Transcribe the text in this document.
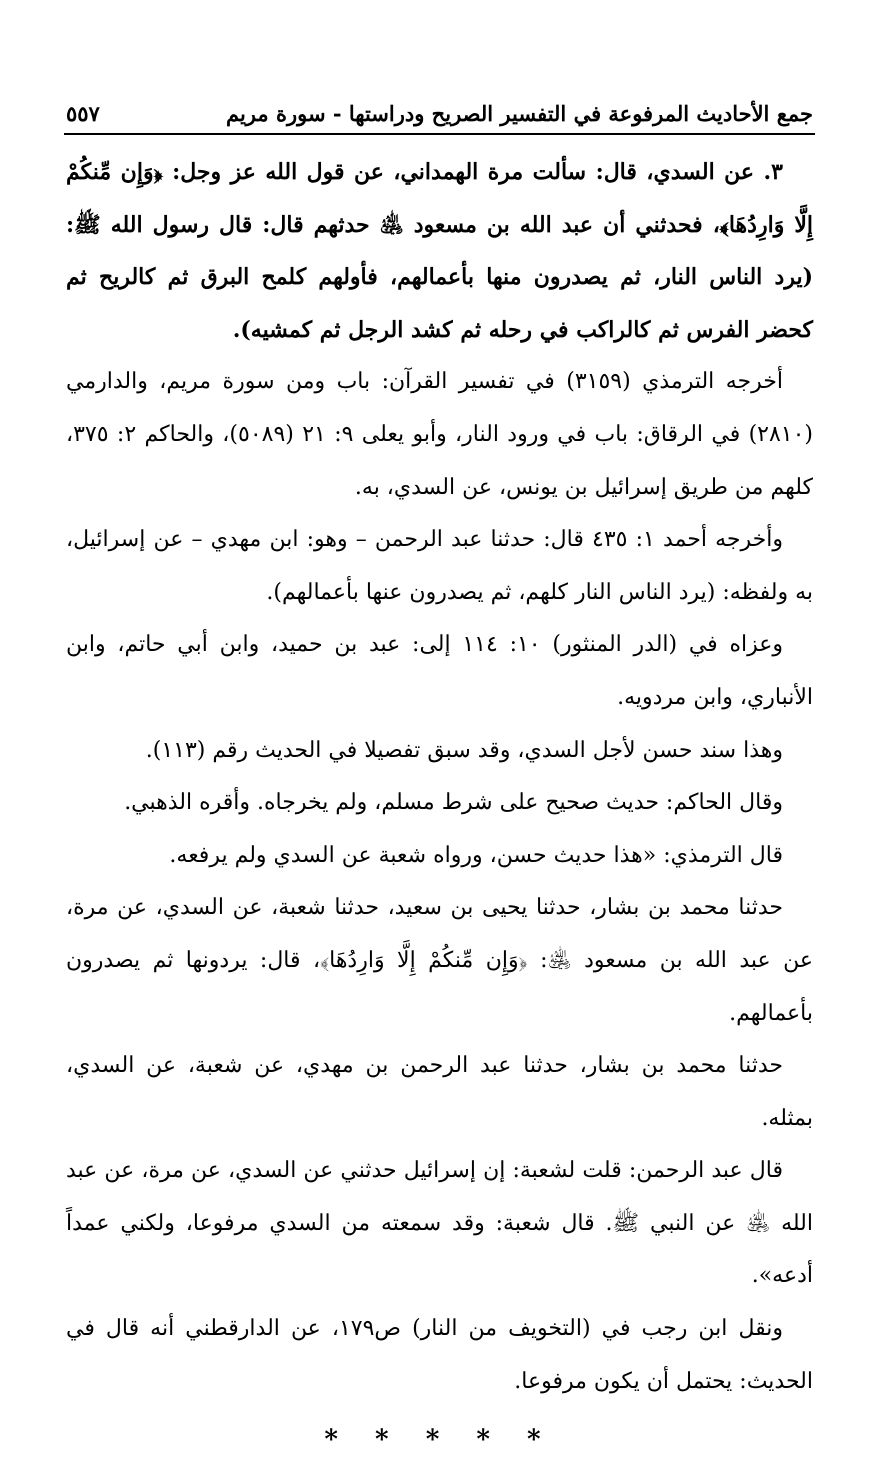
جمع الأحاديث المرفوعة في التفسير الصريح ودراستها - سورة مريم
٥٥٧

٣. عن السدي، قال: سألت مرة الهمداني، عن قول الله عز وجل: ﴿وَإِن مِّنكُمْ إِلَّا وَارِدُهَا﴾، فحدثني أن عبد الله بن مسعود ﵁ حدثهم قال: قال رسول الله ﷺ: (يرد الناس النار، ثم يصدرون منها بأعمالهم، فأولهم كلمح البرق ثم كالريح ثم كحضر الفرس ثم كالراكب في رحله ثم كشد الرجل ثم كمشيه).

أخرجه الترمذي (٣١٥٩) في تفسير القرآن: باب ومن سورة مريم، والدارمي (٢٨١٠) في الرقاق: باب في ورود النار، وأبو يعلى ٩: ٢١ (٥٠٨٩)، والحاكم ٢: ٣٧٥، كلهم من طريق إسرائيل بن يونس، عن السدي، به.

وأخرجه أحمد ١: ٤٣٥ قال: حدثنا عبد الرحمن – وهو: ابن مهدي – عن إسرائيل، به ولفظه: (يرد الناس النار كلهم، ثم يصدرون عنها بأعمالهم).

وعزاه في (الدر المنثور) ١٠: ١١٤ إلى: عبد بن حميد، وابن أبي حاتم، وابن الأنباري، وابن مردويه.

وهذا سند حسن لأجل السدي، وقد سبق تفصيلا في الحديث رقم (١١٣).

وقال الحاكم: حديث صحيح على شرط مسلم، ولم يخرجاه. وأقره الذهبي.

قال الترمذي: «هذا حديث حسن، ورواه شعبة عن السدي ولم يرفعه.

حدثنا محمد بن بشار، حدثنا يحيى بن سعيد، حدثنا شعبة، عن السدي، عن مرة، عن عبد الله بن مسعود ﵁: ﴿وَإِن مِّنكُمْ إِلَّا وَارِدُهَا﴾، قال: يردونها ثم يصدرون بأعمالهم.

حدثنا محمد بن بشار، حدثنا عبد الرحمن بن مهدي، عن شعبة، عن السدي، بمثله.

قال عبد الرحمن: قلت لشعبة: إن إسرائيل حدثني عن السدي، عن مرة، عن عبد الله ﵁ عن النبي ﷺ. قال شعبة: وقد سمعته من السدي مرفوعا، ولكني عمداً أدعه».

ونقل ابن رجب في (التخويف من النار) ص١٧٩، عن الدارقطني أنه قال في الحديث: يحتمل أن يكون مرفوعا.

* * * * *
